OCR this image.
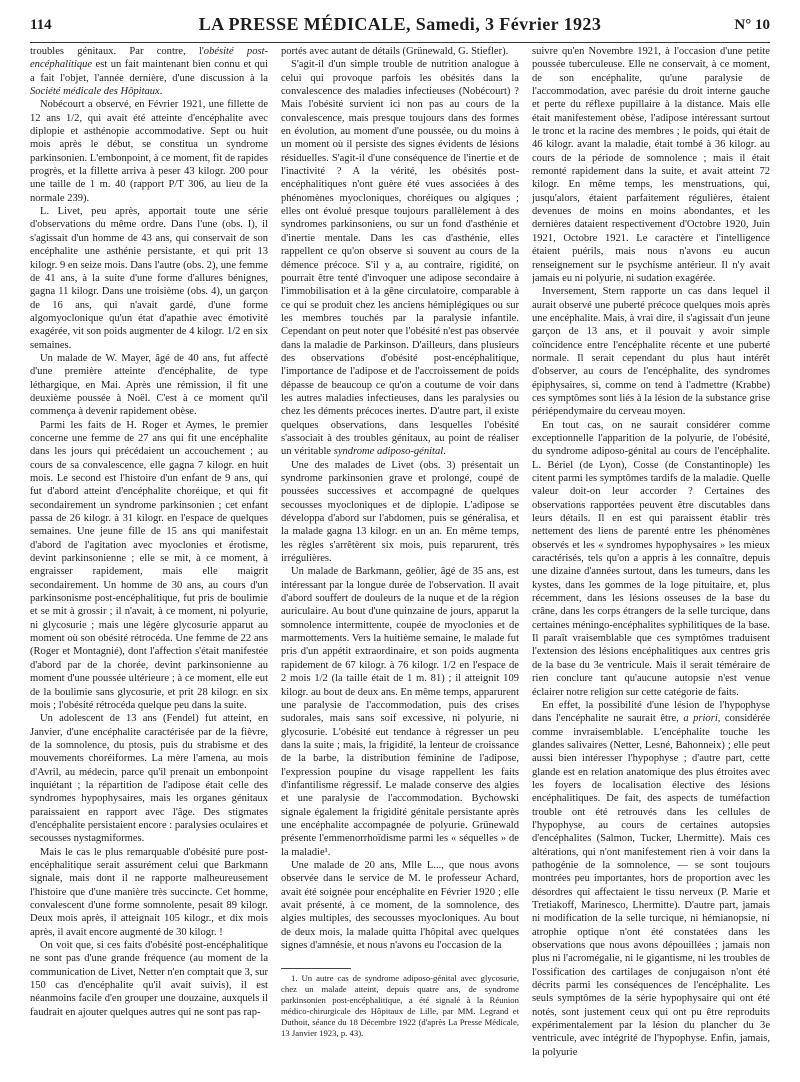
114	LA PRESSE MÉDICALE, Samedi, 3 Février 1923	N° 10

troubles génitaux. Par contre, l'obésité post-encéphalitique est un fait maintenant bien connu et qui a fait l'objet, l'année dernière, d'une discussion à la Société médicale des Hôpitaux.

Nobécourt a observé, en Février 1921, une fillette de 12 ans 1/2, qui avait été atteinte d'encéphalite avec diplopie et asthénopie accommodative. Sept ou huit mois après le début, se constitua un syndrome parkinsonien. L'embonpoint, à ce moment, fit de rapides progrès, et la fillette arriva à peser 43 kilogr. 200 pour une taille de 1 m. 40 (rapport P/T 306, au lieu de la normale 239).

L. Livet, peu après, apportait toute une série d'observations du même ordre. Dans l'une (obs. I), il s'agissait d'un homme de 43 ans, qui conservait de son encéphalite une asthénie persistante, et qui prit 13 kilogr. 9 en seize mois. Dans l'autre (obs. 2), une femme de 41 ans, à la suite d'une forme d'allures bénignes, gagna 11 kilogr. Dans une troisième (obs. 4), un garçon de 16 ans, qui n'avait gardé, d'une forme algomyoclonique qu'un état d'apathie avec émotivité exagérée, vit son poids augmenter de 4 kilogr. 1/2 en six semaines.

Un malade de W. Mayer, âgé de 40 ans, fut affecté d'une première atteinte d'encéphalite, de type léthargique, en Mai. Après une rémission, il fit une deuxième poussée à Noël. C'est à ce moment qu'il commença à devenir rapidement obèse.

Parmi les faits de H. Roger et Aymes, le premier concerne une femme de 27 ans qui fit une encéphalite dans les jours qui précédaient un accouchement ; au cours de sa convalescence, elle gagna 7 kilogr. en huit mois. Le second est l'histoire d'un enfant de 9 ans, qui fut d'abord atteint d'encéphalite choréique, et qui fit secondairement un syndrome parkinsonien ; cet enfant passa de 26 kilogr. à 31 kilogr. en l'espace de quelques semaines. Une jeune fille de 15 ans qui manifestait d'abord de l'agitation avec myoclonies et érotisme, devint parkinsonienne ; elle se mit, à ce moment, à engraisser rapidement, mais elle maigrit secondairement. Un homme de 30 ans, au cours d'un parkinsonisme post-encéphalitique, fut pris de boulimie et se mit à grossir ; il n'avait, à ce moment, ni polyurie, ni glycosurie ; mais une légère glycosurie apparut au moment où son obésité rétrocéda. Une femme de 22 ans (Roger et Montagnié), dont l'affection s'était manifestée d'abord par de la chorée, devint parkinsonienne au moment d'une poussée ultérieure ; à ce moment, elle eut de la boulimie sans glycosurie, et prit 28 kilogr. en six mois ; l'obésité rétrocéda quelque peu dans la suite.

Un adolescent de 13 ans (Fendel) fut atteint, en Janvier, d'une encéphalite caractérisée par de la fièvre, de la somnolence, du ptosis, puis du strabisme et des mouvements choréiformes. La mère l'amena, au mois d'Avril, au médecin, parce qu'il prenait un embonpoint inquiétant ; la répartition de l'adipose était celle des syndromes hypophysaires, mais les organes génitaux paraissaient en rapport avec l'âge. Des stigmates d'encéphalite persistaient encore : paralysies oculaires et secousses nystagmiformes.

Mais le cas le plus remarquable d'obésité pure post-encéphalitique serait assurément celui que Barkmann signale, mais dont il ne rapporte malheureusement l'histoire que d'une manière très succincte. Cet homme, convalescent d'une forme somnolente, pesait 89 kilogr. Deux mois après, il atteignait 105 kilogr., et dix mois après, il avait encore augmenté de 30 kilogr. !

On voit que, si ces faits d'obésité post-encéphalitique ne sont pas d'une grande fréquence (au moment de la communication de Livet, Netter n'en comptait que 3, sur 150 cas d'encéphalite qu'il avait suivis), il est néanmoins facile d'en grouper une douzaine, auxquels il faudrait en ajouter quelques autres qui ne sont pas rap-

portés avec autant de détails (Grünewald, G. Stiefler).

S'agit-il d'un simple trouble de nutrition analogue à celui qui provoque parfois les obésités dans la convalescence des maladies infectieuses (Nobécourt) ? Mais l'obésité survient ici non pas au cours de la convalescence, mais presque toujours dans des formes en évolution, au moment d'une poussée, ou du moins à un moment où il persiste des signes évidents de lésions résiduelles. S'agit-il d'une conséquence de l'inertie et de l'inactivité ? A la vérité, les obésités post-encéphalitiques n'ont guère été vues associées à des phénomènes myocloniques, choréiques ou algiques ; elles ont évolué presque toujours parallèlement à des syndromes parkinsoniens, ou sur un fond d'asthénie et d'inertie mentale. Dans les cas d'asthénie, elles rappellent ce qu'on observe si souvent au cours de la démence précoce. S'il y a, au contraire, rigidité, on pourrait être tenté d'invoquer une adipose secondaire à l'immobilisation et à la gêne circulatoire, comparable à ce qui se produit chez les anciens hémiplégiques ou sur les membres touchés par la paralysie infantile. Cependant on peut noter que l'obésité n'est pas observée dans la maladie de Parkinson. D'ailleurs, dans plusieurs des observations d'obésité post-encéphalitique, l'importance de l'adipose et de l'accroissement de poids dépasse de beaucoup ce qu'on a coutume de voir dans les autres maladies infectieuses, dans les paralysies ou chez les déments précoces inertes. D'autre part, il existe quelques observations, dans lesquelles l'obésité s'associait à des troubles génitaux, au point de réaliser un véritable syndrome adiposo-génital.

Une des malades de Livet (obs. 3) présentait un syndrome parkinsonien grave et prolongé, coupé de poussées successives et accompagné de quelques secousses myocloniques et de diplopie. L'adipose se développa d'abord sur l'abdomen, puis se généralisa, et la malade gagna 13 kilogr. en un an. En même temps, les règles s'arrêtèrent six mois, puis reparurent, très irrégulières.

Un malade de Barkmann, geôlier, âgé de 35 ans, est intéressant par la longue durée de l'observation. Il avait d'abord souffert de douleurs de la nuque et de la région auriculaire. Au bout d'une quinzaine de jours, apparut la somnolence intermittente, coupée de myoclonies et de marmottements. Vers la huitième semaine, le malade fut pris d'un appétit extraordinaire, et son poids augmenta rapidement de 67 kilogr. à 76 kilogr. 1/2 en l'espace de 2 mois 1/2 (la taille était de 1 m. 81) ; il atteignit 109 kilogr. au bout de deux ans. En même temps, apparurent une paralysie de l'accommodation, puis des crises sudorales, mais sans soif excessive, ni polyurie, ni glycosurie. L'obésité eut tendance à régresser un peu dans la suite ; mais, la frigidité, la lenteur de croissance de la barbe, la distribution féminine de l'adipose, l'expression poupine du visage rappellent les faits d'infantilisme régressif. Le malade conserve des algies et une paralysie de l'accommodation. Bychowski signale également la frigidité génitale persistante après une encéphalite accompagnée de polyurie. Grünewald présente l'emmenorrhoïdisme parmi les « séquelles » de la maladie¹.

Une malade de 20 ans, Mlle L..., que nous avons observée dans le service de M. le professeur Achard, avait été soignée pour encéphalite en Février 1920 ; elle avait présenté, à ce moment, de la somnolence, des algies multiples, des secousses myocloniques. Au bout de deux mois, la malade quitta l'hôpital avec quelques signes d'amnésie, et nous n'avons eu l'occasion de la

1. Un autre cas de syndrome adiposo-génital avec glycosurie, chez un malade atteint, depuis quatre ans, de syndrome parkinsonien post-encéphalitique, a été signalé à la Réunion médico-chirurgicale des Hôpitaux de Lille, par MM. Legrand et Duthoit, séance du 18 Décembre 1922 (d'après La Presse Médicale, 13 Janvier 1923, p. 43).

suivre qu'en Novembre 1921, à l'occasion d'une petite poussée tuberculeuse. Elle ne conservait, à ce moment, de son encéphalite, qu'une paralysie de l'accommodation, avec parésie du droit interne gauche et perte du réflexe pupillaire à la distance. Mais elle était manifestement obèse, l'adipose intéressant surtout le tronc et la racine des membres ; le poids, qui était de 46 kilogr. avant la maladie, était tombé à 36 kilogr. au cours de la période de somnolence ; mais il était remonté rapidement dans la suite, et avait atteint 72 kilogr. En même temps, les menstruations, qui, jusqu'alors, étaient parfaitement régulières, étaient devenues de moins en moins abondantes, et les dernières dataient respectivement d'Octobre 1920, Juin 1921, Octobre 1921. Le caractère et l'intelligence étaient puérils, mais nous n'avons eu aucun renseignement sur le psychisme antérieur. Il n'y avait jamais eu ni polyurie, ni sudation exagérée.

Inversement, Stern rapporte un cas dans lequel il aurait observé une puberté précoce quelques mois après une encéphalite. Mais, à vrai dire, il s'agissait d'un jeune garçon de 13 ans, et il pouvait y avoir simple coïncidence entre l'encéphalite récente et une puberté normale. Il serait cependant du plus haut intérêt d'observer, au cours de l'encéphalite, des syndromes épiphysaires, si, comme on tend à l'admettre (Krabbe) ces symptômes sont liés à la lésion de la substance grise périépendymaire du cerveau moyen.

En tout cas, on ne saurait considérer comme exceptionnelle l'apparition de la polyurie, de l'obésité, du syndrome adiposo-génital au cours de l'encéphalite. L. Bériel (de Lyon), Cosse (de Constantinople) les citent parmi les symptômes tardifs de la maladie. Quelle valeur doit-on leur accorder ? Certaines des observations rapportées peuvent être discutables dans leurs détails. Il en est qui paraissent établir très nettement des liens de parenté entre les phénomènes observés et les « syndromes hypophysaires » les mieux caractérisés, tels qu'on a appris à les connaître, depuis une dizaine d'années surtout, dans les tumeurs, dans les kystes, dans les gommes de la loge pituitaire, et, plus récemment, dans les lésions osseuses de la base du crâne, dans les corps étrangers de la selle turcique, dans certaines méningo-encéphalites syphilitiques de la base. Il paraît vraisemblable que ces symptômes traduisent l'extension des lésions encéphalitiques aux centres gris de la base du 3e ventricule. Mais il serait téméraire de rien conclure tant qu'aucune autopsie n'est venue éclairer notre religion sur cette catégorie de faits.

En effet, la possibilité d'une lésion de l'hypophyse dans l'encéphalite ne saurait être, a priori, considérée comme invraisemblable. L'encéphalite touche les glandes salivaires (Netter, Lesné, Bahonneix) ; elle peut aussi bien intéresser l'hypophyse ; d'autre part, cette glande est en relation anatomique des plus étroites avec les foyers de localisation élective des lésions encéphalitiques. De fait, des aspects de tuméfaction trouble ont été retrouvés dans les cellules de l'hypophyse, au cours de certaines autopsies d'encéphalites (Salmon, Tucker, Lhermitte). Mais ces altérations, qui n'ont manifestement rien à voir dans la pathogénie de la somnolence, — se sont toujours montrées peu importantes, hors de proportion avec les désordres qui affectaient le tissu nerveux (P. Marie et Tretiakoff, Marinesco, Lhermitte). D'autre part, jamais ni modification de la selle turcique, ni hémianopsie, ni atrophie optique n'ont été constatées dans les observations que nous avons dépouillées ; jamais non plus ni l'acromégalie, ni le gigantisme, ni les troubles de l'ossification des cartilages de conjugaison n'ont été décrits parmi les conséquences de l'encéphalite. Les seuls symptômes de la série hypophysaire qui ont été notés, sont justement ceux qui ont pu être reproduits expérimentalement par la lésion du plancher du 3e ventricule, avec intégrité de l'hypophyse. Enfin, jamais, la polyurie
